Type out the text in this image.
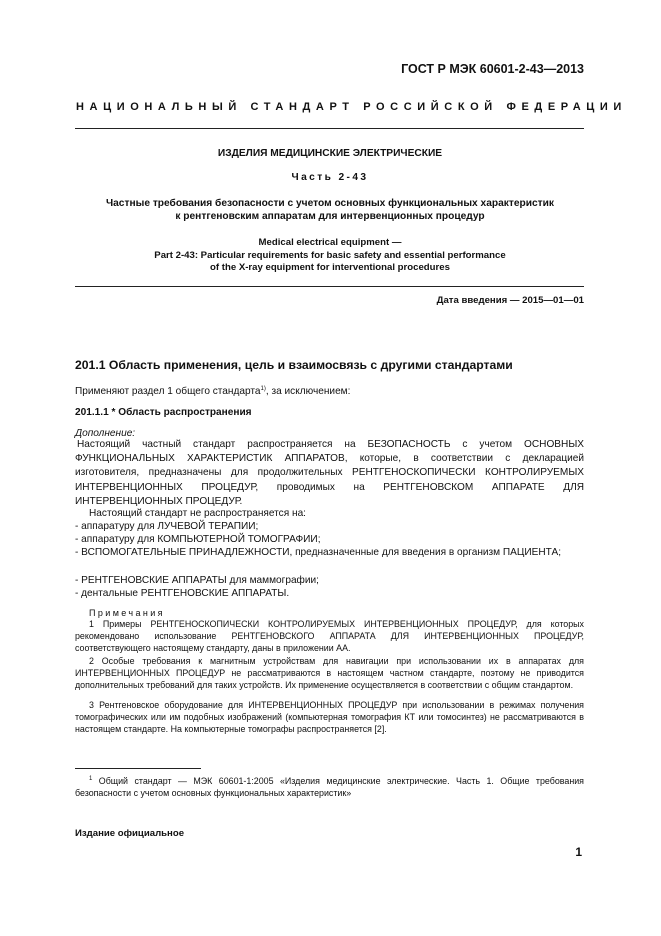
ГОСТ Р МЭК 60601-2-43—2013
НАЦИОНАЛЬНЫЙ СТАНДАРТ РОССИЙСКОЙ ФЕДЕРАЦИИ
ИЗДЕЛИЯ МЕДИЦИНСКИЕ ЭЛЕКТРИЧЕСКИЕ
Часть 2-43
Частные требования безопасности с учетом основных функциональных характеристик
к рентгеновским аппаратам для интервенционных процедур
Medical electrical equipment —
Part 2-43: Particular requirements for basic safety and essential performance
of the X-ray equipment for interventional procedures
Дата введения — 2015—01—01
201.1 Область применения, цель и взаимосвязь с другими стандартами
Применяют раздел 1 общего стандарта$^{1)}$, за исключением:
201.1.1 * Область распространения
Дополнение:

Настоящий частный стандарт распространяется на БЕЗОПАСНОСТЬ с учетом ОСНОВНЫХ ФУНКЦИОНАЛЬНЫХ ХАРАКТЕРИСТИК АППАРАТОВ, которые, в соответствии с декларацией изготовителя, предназначены для продолжительных РЕНТГЕНОСКОПИЧЕСКИ КОНТРОЛИРУЕМЫХ ИНТЕРВЕНЦИОННЫХ ПРОЦЕДУР, проводимых на РЕНТГЕНОВСКОМ АППАРАТЕ ДЛЯ ИНТЕРВЕНЦИОННЫХ ПРОЦЕДУР.

Настоящий стандарт не распространяется на:
- аппаратуру для ЛУЧЕВОЙ ТЕРАПИИ;
- аппаратуру для КОМПЬЮТЕРНОЙ ТОМОГРАФИИ;

- ВСПОМОГАТЕЛЬНЫЕ ПРИНАДЛЕЖНОСТИ, предназначенные для введения в организм ПАЦИЕНТА;

- РЕНТГЕНОВСКИЕ АППАРАТЫ для маммографии;
- дентальные РЕНТГЕНОВСКИЕ АППАРАТЫ.
Примечания

1 Примеры РЕНТГЕНОСКОПИЧЕСКИ КОНТРОЛИРУЕМЫХ ИНТЕРВЕНЦИОННЫХ ПРОЦЕДУР, для которых рекомендовано использование РЕНТГЕНОВСКОГО АППАРАТА ДЛЯ ИНТЕРВЕНЦИОННЫХ ПРОЦЕДУР, соответствующего настоящему стандарту, даны в приложении АА.

2 Особые требования к магнитным устройствам для навигации при использовании их в аппаратах для ИНТЕРВЕНЦИОННЫХ ПРОЦЕДУР не рассматриваются в настоящем частном стандарте, поэтому не приводится дополнительных требований для таких устройств. Их применение осуществляется в соответствии с общим стандартом.

3 Рентгеновское оборудование для ИНТЕРВЕНЦИОННЫХ ПРОЦЕДУР при использовании в режимах получения томографических или им подобных изображений (компьютерная томография КТ или томосинтез) не рассматриваются в настоящем стандарте. На компьютерные томографы распространяется [2].

$^1$ Общий стандарт — МЭК 60601-1:2005 «Изделия медицинские электрические. Часть 1. Общие требования безопасности с учетом основных функциональных характеристик»

Издание официальное
1
